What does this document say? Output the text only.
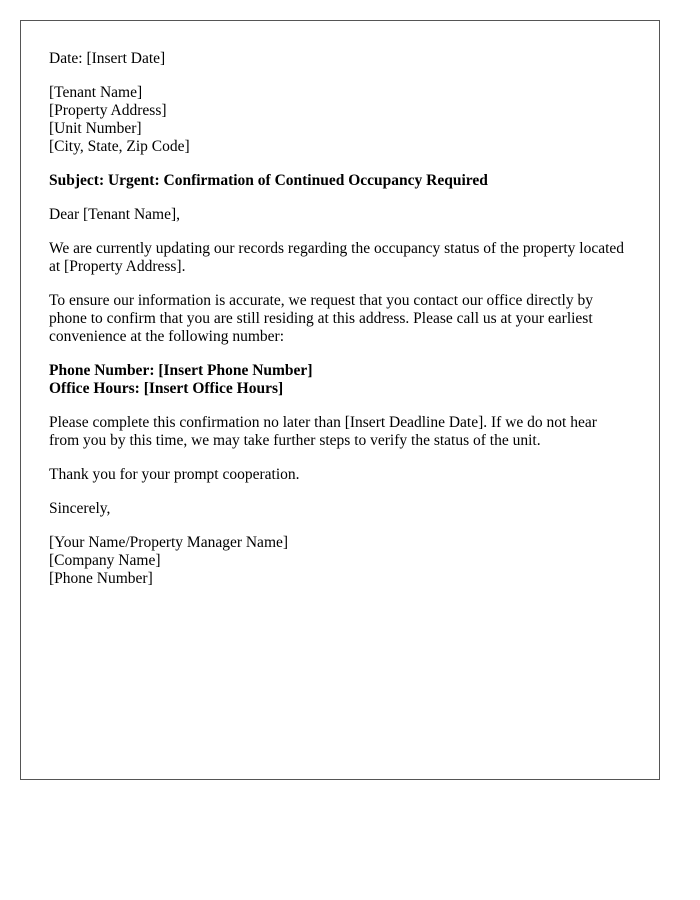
Date: [Insert Date]

[Tenant Name]
[Property Address]
[Unit Number]
[City, State, Zip Code]

Subject: Urgent: Confirmation of Continued Occupancy Required

Dear [Tenant Name],

We are currently updating our records regarding the occupancy status of the property located at [Property Address].

To ensure our information is accurate, we request that you contact our office directly by phone to confirm that you are still residing at this address. Please call us at your earliest convenience at the following number:

Phone Number: [Insert Phone Number]
Office Hours: [Insert Office Hours]

Please complete this confirmation no later than [Insert Deadline Date]. If we do not hear from you by this time, we may take further steps to verify the status of the unit.

Thank you for your prompt cooperation.

Sincerely,

[Your Name/Property Manager Name]
[Company Name]
[Phone Number]
